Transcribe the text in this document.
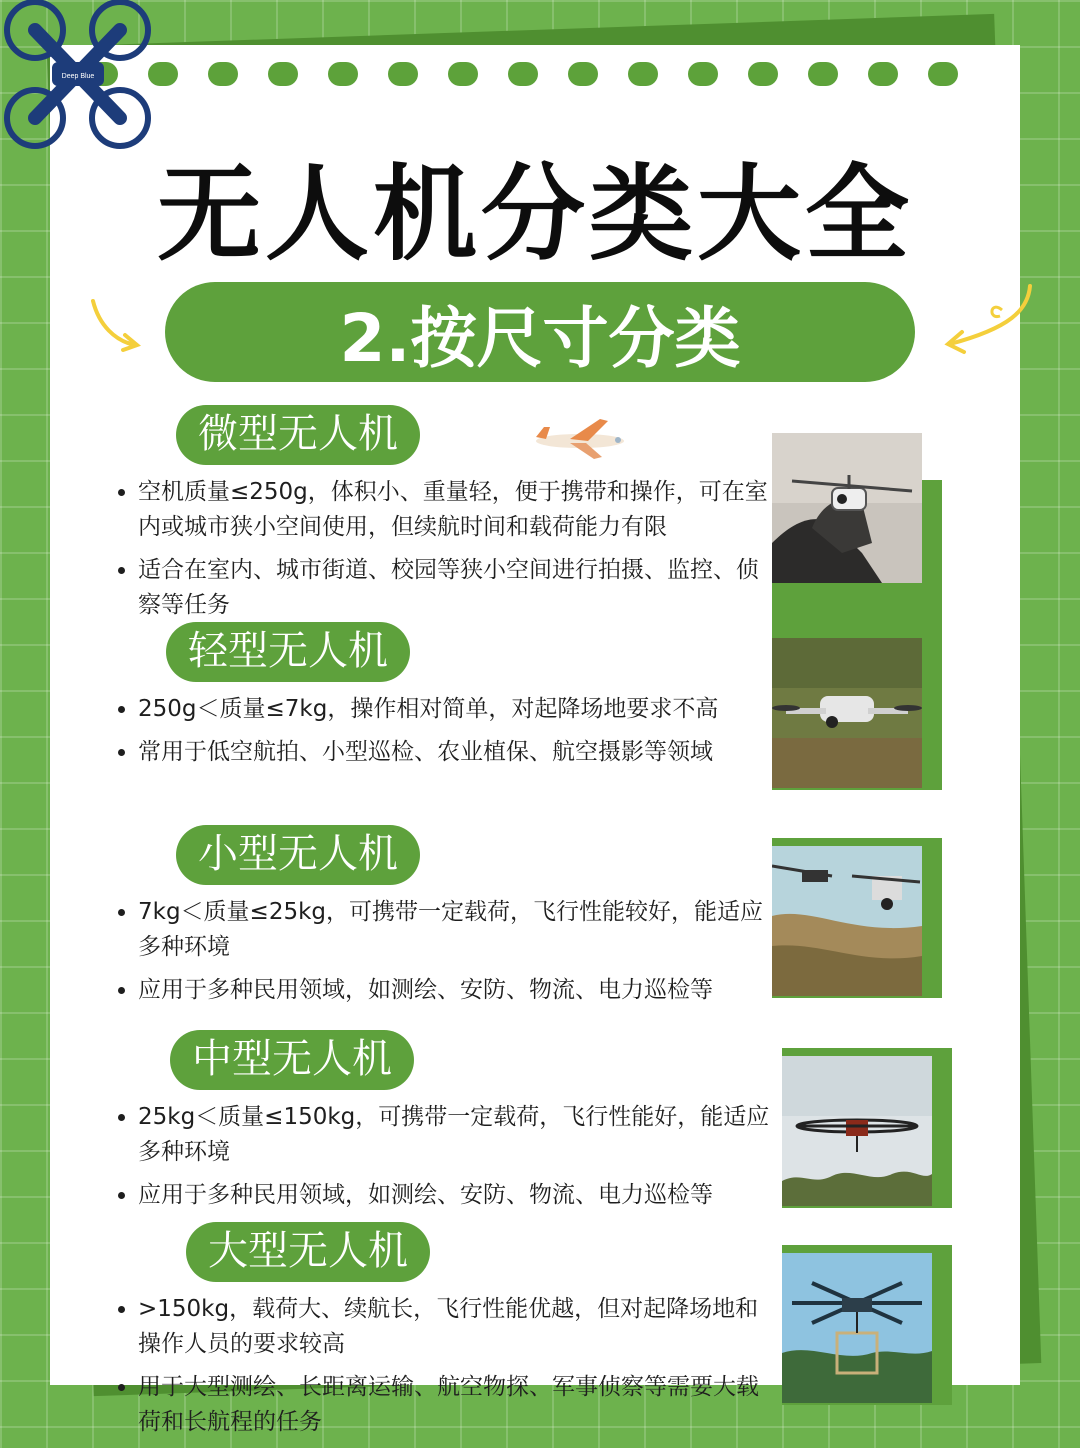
Deep Blue
无人机分类大全
2.按尺寸分类
微型无人机
• 空机质量≤250g，体积小、重量轻，便于携带和操作，可在室内或城市狭小空间使用，但续航时间和载荷能力有限
• 适合在室内、城市街道、校园等狭小空间进行拍摄、监控、侦察等任务
轻型无人机
• 250g＜质量≤7kg，操作相对简单，对起降场地要求不高
• 常用于低空航拍、小型巡检、农业植保、航空摄影等领域
小型无人机
• 7kg＜质量≤25kg，可携带一定载荷，飞行性能较好，能适应多种环境
• 应用于多种民用领域，如测绘、安防、物流、电力巡检等
中型无人机
• 25kg＜质量≤150kg，可携带一定载荷，飞行性能好，能适应多种环境
• 应用于多种民用领域，如测绘、安防、物流、电力巡检等
大型无人机
• >150kg，载荷大、续航长，飞行性能优越，但对起降场地和操作人员的要求较高
• 用于大型测绘、长距离运输、航空物探、军事侦察等需要大载荷和长航程的任务
